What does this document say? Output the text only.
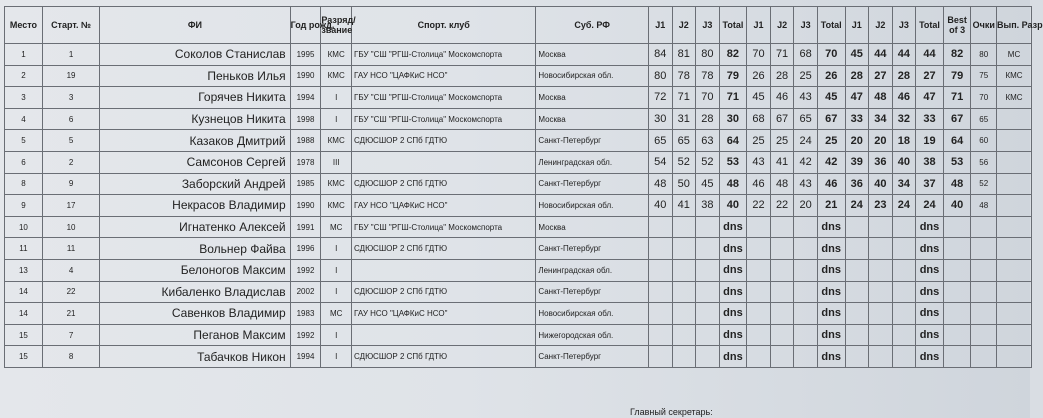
Место	Старт. №	ФИ	Год рожд.	Разряд/ звание	Спорт. клуб	Суб. РФ	J1	J2	J3	Total	J1	J2	J3	Total	J1	J2	J3	Total	Best of 3	Очки	Вып. Разр
1	1	Соколов Станислав	1995	КМС	ГБУ "СШ "РГШ-Столица" Москомспорта	Москва	84	81	80	82	70	71	68	70	45	44	44	44	82	80	МС
2	19	Пеньков Илья	1990	КМС	ГАУ НСО "ЦАФКиС НСО"	Новосибирская обл.	80	78	78	79	26	28	25	26	28	27	28	27	79	75	КМС
3	3	Горячев Никита	1994	I	ГБУ "СШ "РГШ-Столица" Москомспорта	Москва	72	71	70	71	45	46	43	45	47	48	46	47	71	70	КМС
4	6	Кузнецов Никита	1998	I	ГБУ "СШ "РГШ-Столица" Москомспорта	Москва	30	31	28	30	68	67	65	67	33	34	32	33	67	65	
5	5	Казаков Дмитрий	1988	КМС	СДЮСШОР 2 СПб ГДТЮ	Санкт-Петербург	65	65	63	64	25	25	24	25	20	20	18	19	64	60	
6	2	Самсонов Сергей	1978	III		Ленинградская обл.	54	52	52	53	43	41	42	42	39	36	40	38	53	56	
8	9	Заборский Андрей	1985	КМС	СДЮСШОР 2 СПб ГДТЮ	Санкт-Петербург	48	50	45	48	46	48	43	46	36	40	34	37	48	52	
9	17	Некрасов Владимир	1990	КМС	ГАУ НСО "ЦАФКиС НСО"	Новосибирская обл.	40	41	38	40	22	22	20	21	24	23	24	24	40	48	
10	10	Игнатенко Алексей	1991	МС	ГБУ "СШ "РГШ-Столица" Москомспорта	Москва				dns				dns				dns			
11	11	Вольнер Файва	1996	I	СДЮСШОР 2 СПб ГДТЮ	Санкт-Петербург				dns				dns				dns			
13	4	Белоногов Максим	1992	I		Ленинградская обл.				dns				dns				dns			
14	22	Кибаленко Владислав	2002	I	СДЮСШОР 2 СПб ГДТЮ	Санкт-Петербург				dns				dns				dns			
14	21	Савенков Владимир	1983	МС	ГАУ НСО "ЦАФКиС НСО"	Новосибирская обл.				dns				dns				dns			
15	7	Пеганов Максим	1992	I		Нижегородская обл.				dns				dns				dns			
15	8	Табачков Никон	1994	I	СДЮСШОР 2 СПб ГДТЮ	Санкт-Петербург				dns				dns				dns			
Главный секретарь:
